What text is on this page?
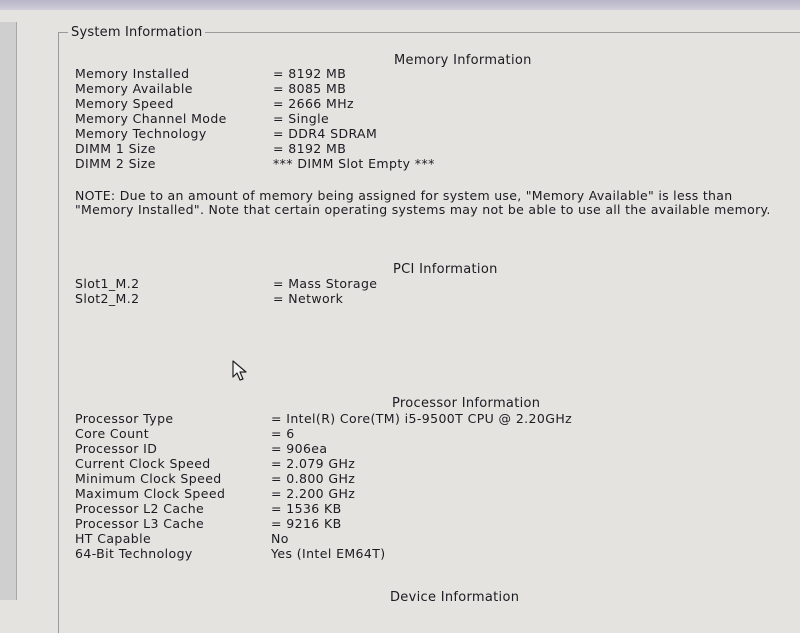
System Information
Memory Information
Memory Installed	= 8192 MB
Memory Available	= 8085 MB
Memory Speed	= 2666 MHz
Memory Channel Mode	= Single
Memory Technology	= DDR4 SDRAM
DIMM 1 Size	= 8192 MB
DIMM 2 Size	*** DIMM Slot Empty ***
NOTE: Due to an amount of memory being assigned for system use, "Memory Available" is less than "Memory Installed". Note that certain operating systems may not be able to use all the available memory.
PCI Information
Slot1_M.2	= Mass Storage
Slot2_M.2	= Network
Processor Information
Processor Type	= Intel(R) Core(TM) i5-9500T CPU @ 2.20GHz
Core Count	= 6
Processor ID	= 906ea
Current Clock Speed	= 2.079 GHz
Minimum Clock Speed	= 0.800 GHz
Maximum Clock Speed	= 2.200 GHz
Processor L2 Cache	= 1536 KB
Processor L3 Cache	= 9216 KB
HT Capable	No
64-Bit Technology	Yes (Intel EM64T)
Device Information
